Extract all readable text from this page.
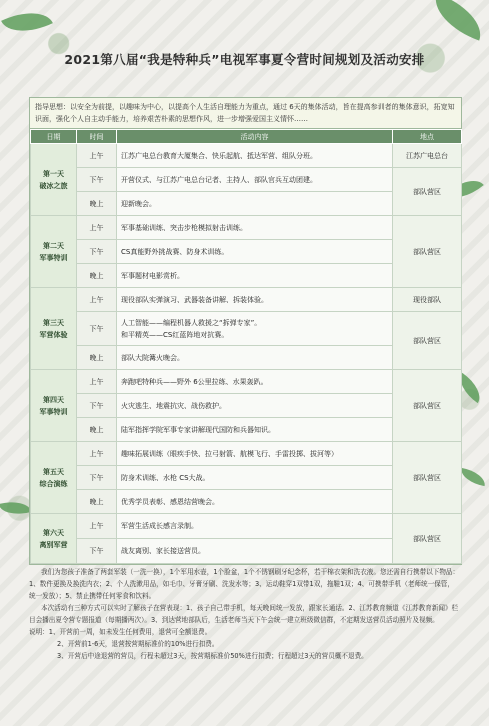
2021第八届“我是特种兵”电视军事夏令营时间规划及活动安排
指导思想：以安全为前提，以趣味为中心，以提高个人生活自理能力为重点，通过 6天的集体活动，旨在提高参训者的集体意识，拓宽知识面，强化个人自主动手能力，培养艰苦朴素的思想作风，进一步增强爱国主义情怀……
日期	时间	活动内容	地点

第一天
破冰之旅	上午	江苏广电总台教育大厦集合、快乐起航、抵达军营、组队分班。	江苏广电总台
	下午	开营仪式、与江苏广电总台记者、主持人、部队官兵互动团建。	部队营区
	晚上	迎新晚会。	

第二天
军事特训	上午	军事基础训练、突击步枪模拟射击训练。	部队营区
	下午	CS真能野外挑战赛、防身术训练。	
	晚上	军事题材电影赏析。	

第三天
军营体验	上午	现役部队实弹演习、武器装备讲解、拆装体验。	现役部队
	下午	人工智能——编程机器人救援之“拆弹专家”。
和平精英——CS红蓝阵地对抗赛。	部队营区
	晚上	部队大院篝火晚会。	

第四天
军事特训	上午	奔跑吧特种兵——野外 6公里拉练、水果轰趴。	部队营区
	下午	火灾逃生、地震抗灾、战伤救护。	
	晚上	陆军指挥学院军事专家讲解现代国防和兵器知识。	

第五天
综合演练	上午	趣味拓展训练（眼疾手快、拉弓射箭、航模飞行、手雷投掷、拔河等）	部队营区
	下午	防身术训练、水枪 CS大战。	
	晚上	优秀学员表彰、感恩结营晚会。	

第六天
离别军营	上午	军营生活成长感言录制。	部队营区
	下午	战友离别、家长接送营员。	

我们为您孩子准备了两套军装（一洗一换），1个军用水壶，1个脸盆，1个不锈钢刷牙纪念杯，若干棉衣架和洗衣液。您还需自行携带以下物品：1、数件更换及换洗内衣；2、个人洗漱用品，如毛巾、牙膏牙刷、洗发水等；3、运动鞋穿1双带1双，拖鞋1双；4、可携带手机（老师统一保管，统一发放）；5、禁止携带任何零食和饮料。

本次活动有三种方式可以实时了解孩子在营表现：1、孩子自己带手机，每天晚间统一发放，跟家长通话。2、江苏教育频道《江苏教育新闻》栏目会播出夏令营专题报道（每期播两次）。3、到达营地部队后，生活老师当天下午会统一建立班级微信群，不定期发送营员活动照片及视频。

说明：1、开营前一周，如未发生任何费用，退营可全额退费。
2、开营前1-6天，退营按营期标准价的10%进行扣费。
3、开营后中途退营的营员，行程未超过3天，按营期标准价50%进行扣费；行程超过3天的营员概不退费。
